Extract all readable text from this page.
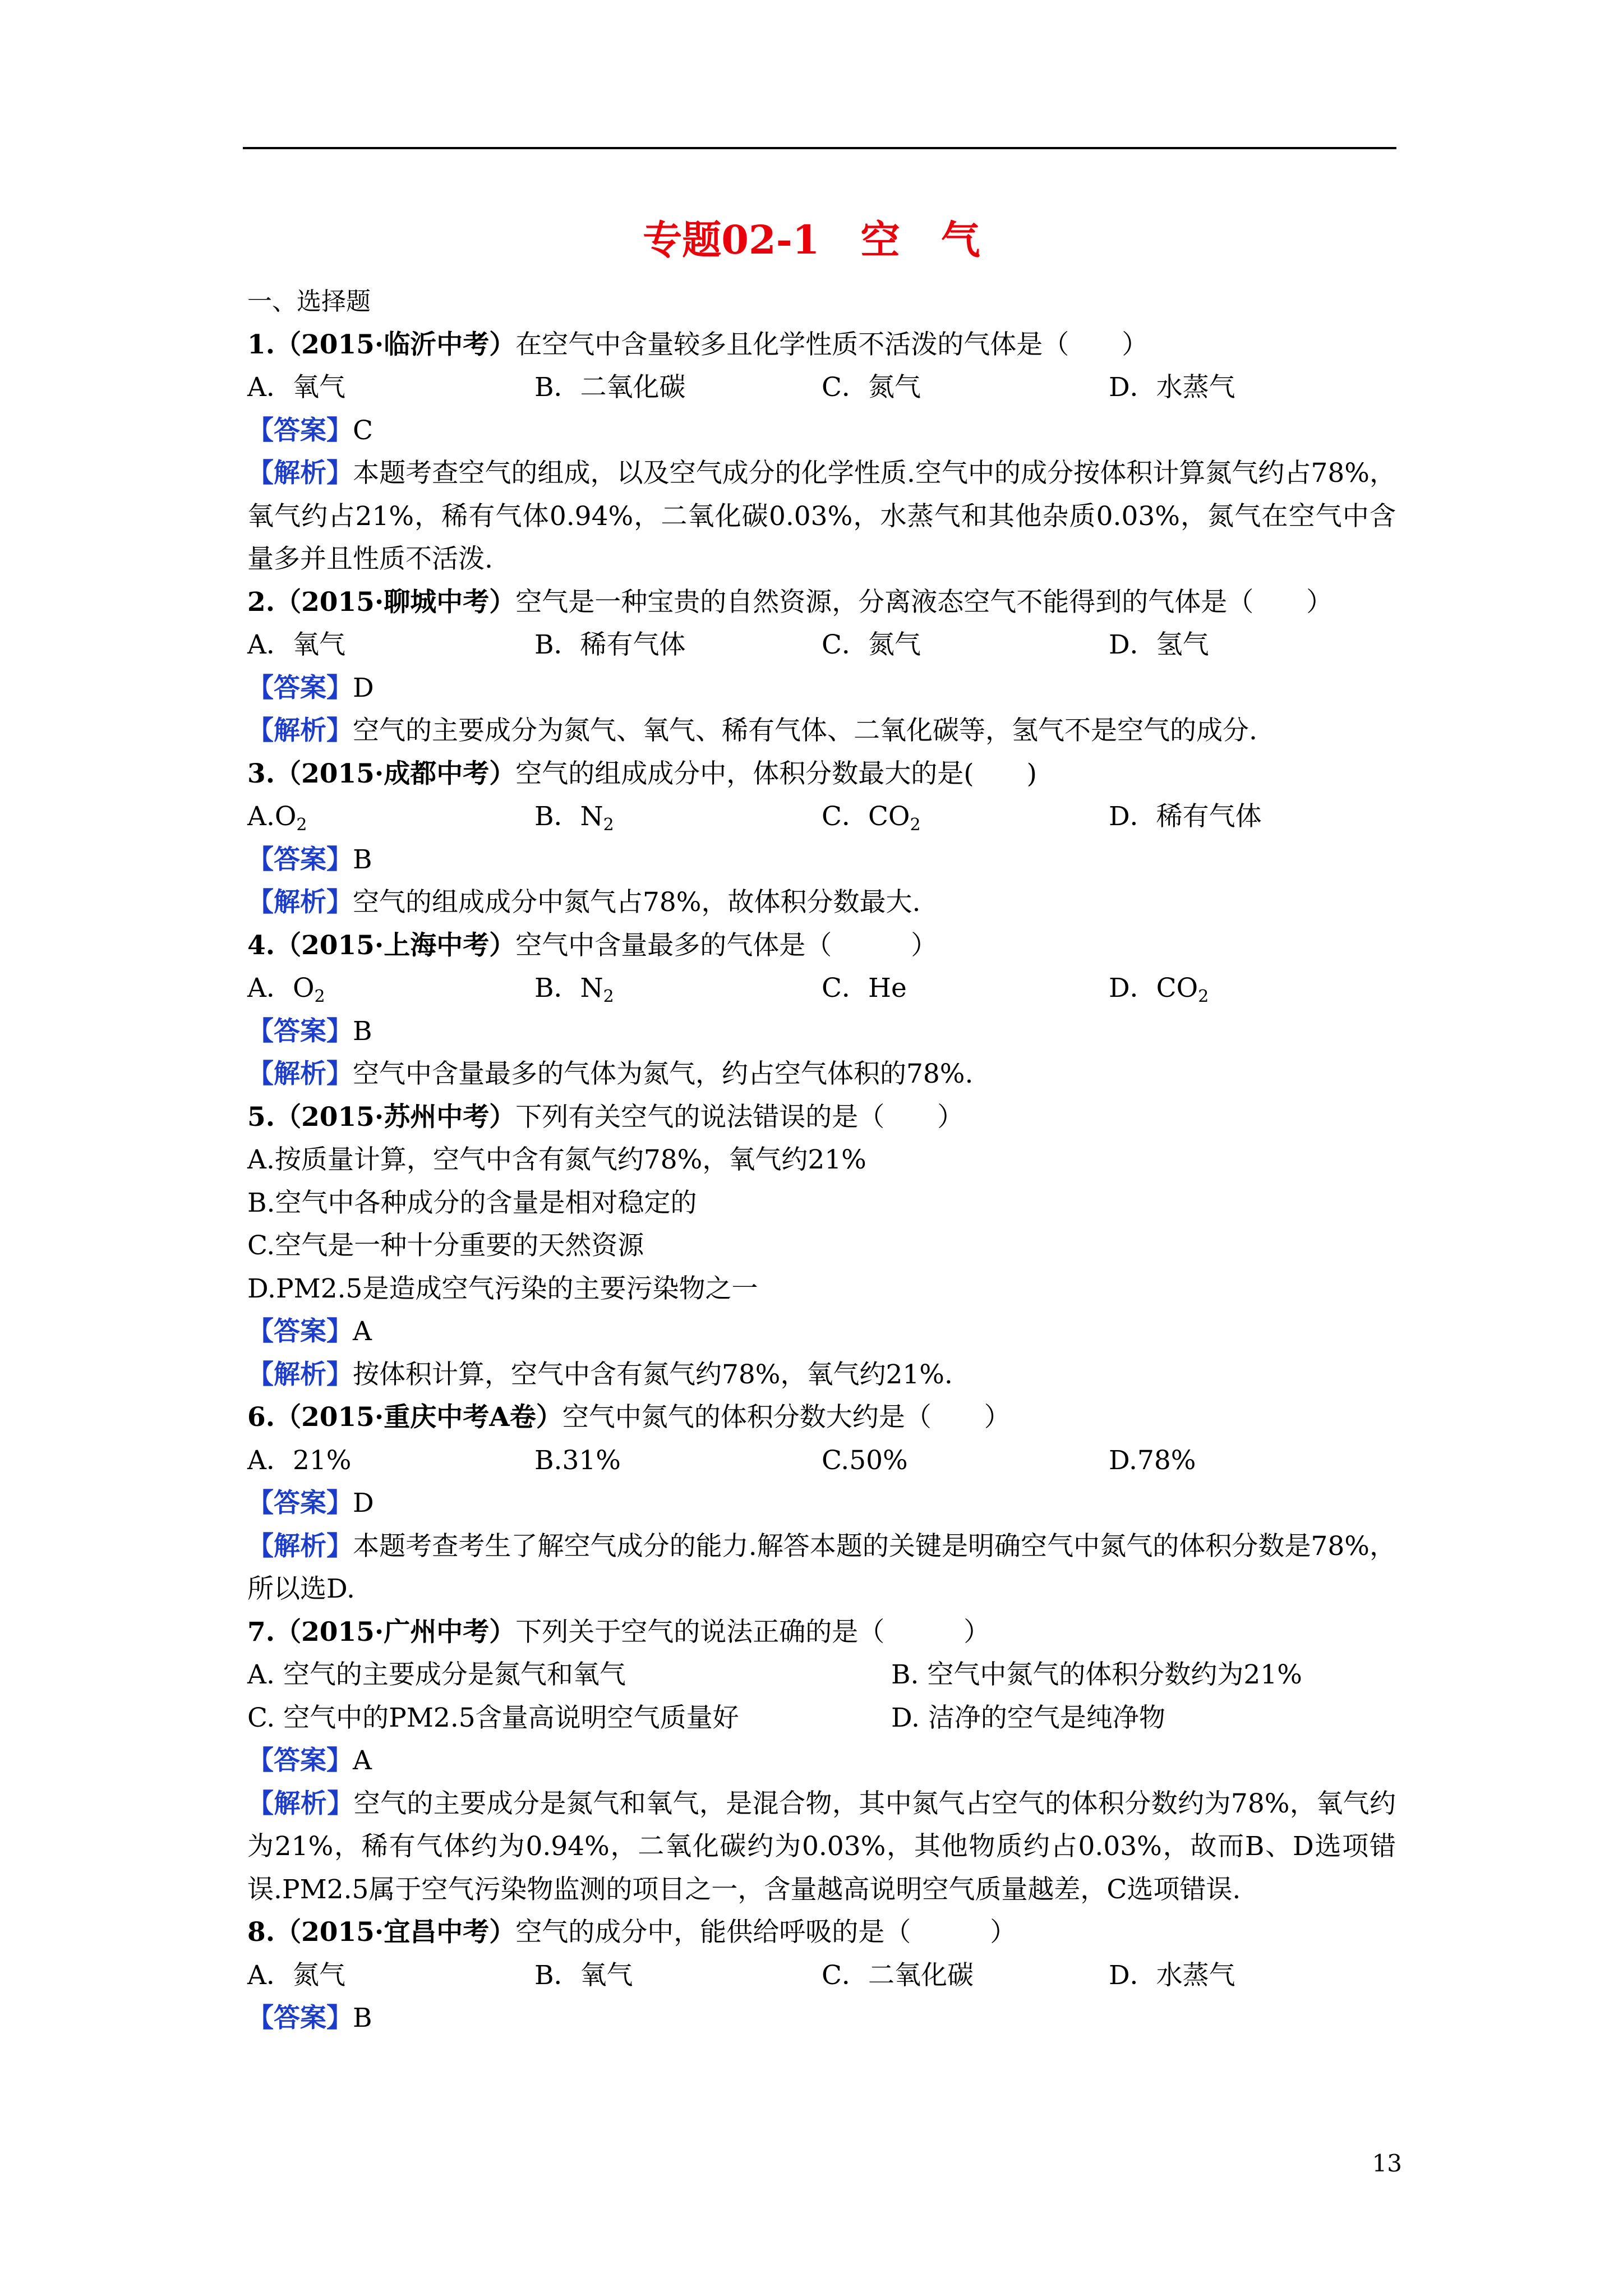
专题02-1   空   气
一、选择题
1.（2015·临沂中考）在空气中含量较多且化学性质不活泼的气体是（　　）
A．氧气	B．二氧化碳	C．氮气	D．水蒸气
【答案】C
【解析】本题考查空气的组成，以及空气成分的化学性质.空气中的成分按体积计算氮气约占78%，氧气约占21%，稀有气体0.94%，二氧化碳0.03%，水蒸气和其他杂质0.03%，氮气在空气中含量多并且性质不活泼.
2.（2015·聊城中考）空气是一种宝贵的自然资源，分离液态空气不能得到的气体是（　　）
A．氧气	B．稀有气体	C．氮气	D．氢气
【答案】D
【解析】空气的主要成分为氮气、氧气、稀有气体、二氧化碳等，氢气不是空气的成分.
3.（2015·成都中考）空气的组成成分中，体积分数最大的是(　　)
$A.O_2$	B．$N_2$	C．$CO_2$	D．稀有气体
【答案】B
【解析】空气的组成成分中氮气占78%，故体积分数最大.
4.（2015·上海中考）空气中含量最多的气体是（　　　）
A．$O_2$	B．$N_2$	C．He	D．$CO_2$
【答案】B
【解析】空气中含量最多的气体为氮气，约占空气体积的78%.
5.（2015·苏州中考）下列有关空气的说法错误的是（　　）
A.按质量计算，空气中含有氮气约78%，氧气约21%
B.空气中各种成分的含量是相对稳定的
C.空气是一种十分重要的天然资源
D.PM2.5是造成空气污染的主要污染物之一
【答案】A
【解析】按体积计算，空气中含有氮气约78%，氧气约21%.
6.（2015·重庆中考A卷）空气中氮气的体积分数大约是（　　）
A．21%	B.31%	C.50%	D.78%
【答案】D
【解析】本题考查考生了解空气成分的能力.解答本题的关键是明确空气中氮气的体积分数是78%，所以选D.
7.（2015·广州中考）下列关于空气的说法正确的是（　　　）
A. 空气的主要成分是氮气和氧气	B. 空气中氮气的体积分数约为21%
C. 空气中的PM2.5含量高说明空气质量好	D. 洁净的空气是纯净物
【答案】A
【解析】空气的主要成分是氮气和氧气，是混合物，其中氮气占空气的体积分数约为78%，氧气约为21%，稀有气体约为0.94%，二氧化碳约为0.03%，其他物质约占0.03%，故而B、D选项错误.PM2.5属于空气污染物监测的项目之一，含量越高说明空气质量越差，C选项错误.
8.（2015·宜昌中考）空气的成分中，能供给呼吸的是（　　　）
A．氮气	B．氧气	C．二氧化碳	D．水蒸气
【答案】B
13
